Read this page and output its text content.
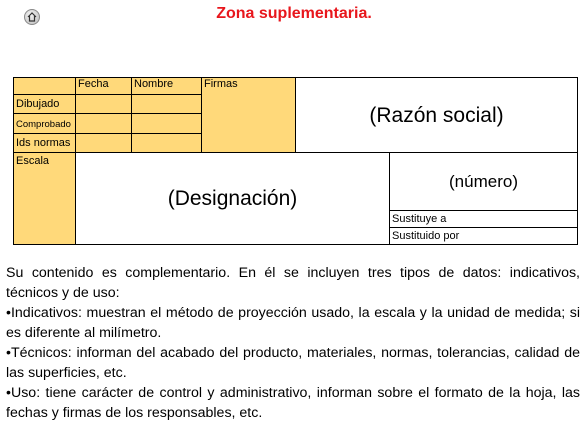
Zona suplementaria.
Fecha	Nombre	Firmas
(Razón social)
Dibujado
Comprobado
Ids normas
Escala
(Designación)
(número)
Sustituye a
Sustituido por

Su contenido es complementario. En él se incluyen tres tipos de datos: indicativos, técnicos y de uso:

•Indicativos: muestran el método de proyección usado, la escala y la unidad de medida; si es diferente al milímetro.

•Técnicos: informan del acabado del producto, materiales, normas, tolerancias, calidad de las superficies, etc.

•Uso: tiene carácter de control y administrativo, informan sobre el formato de la hoja, las fechas y firmas de los responsables, etc.
